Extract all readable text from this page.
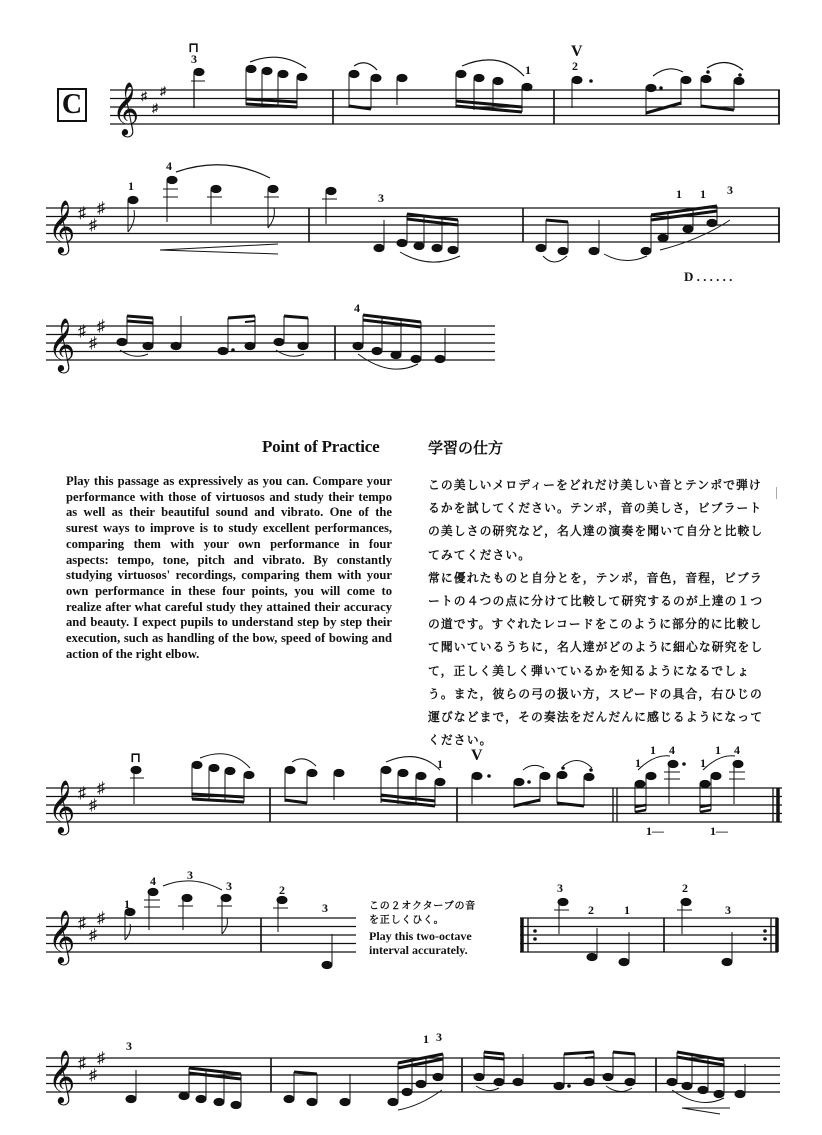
C 𝄞 ♯
♯
♯
3
⊓
1
V
2
𝄞 ♯
♯
♯
1
4
3	1 1 3
D . . . . . .
𝄞 ♯
♯
♯
4
Point of Practice	学習の仕方
Play this passage as expressively as you can. Compare your performance with those of virtuosos and study their tempo as well as their beautiful sound and vibrato. One of the surest ways to improve is to study excellent performances, comparing them with your own performance in four aspects: tempo, tone, pitch and vibrato. By constantly studying virtuosos' recordings, comparing them with your own performance in these four points, you will come to realize after what careful study they attained their accuracy and beauty. I expect pupils to understand step by step their execution, such as handling of the bow, speed of bowing and action of the right elbow.

この美しいメロディーをどれだけ美しい音とテンポで弾けるかを試してください。テンポ，音の美しさ，ビブラートの美しさの研究など，名人達の演奏を聞いて自分と比較してみてください。

常に優れたものと自分とを，テンポ，音色，音程，ビブラートの４つの点に分けて比較して研究するのが上達の１つの道です。すぐれたレコードをこのように部分的に比較して聞いているうちに，名人達がどのように細心な研究をして，正しく美しく弾いているかを知るようになるでしょう。また，彼らの弓の扱い方，スピードの具合，右ひじの運びなどまで，その奏法をだんだんに感じるようになってください。

𝄞 ♯
♯
♯
⊓	1 V	1
1 4
1
1 4
1—	1—
𝄞 ♯
♯
♯
1
4	3
3	2
3
3
2	1
2
3
この２オクターブの音
を正しくひく。
Play this two-octave
interval accurately.
𝄞 ♯
♯
♯
3	1 3
